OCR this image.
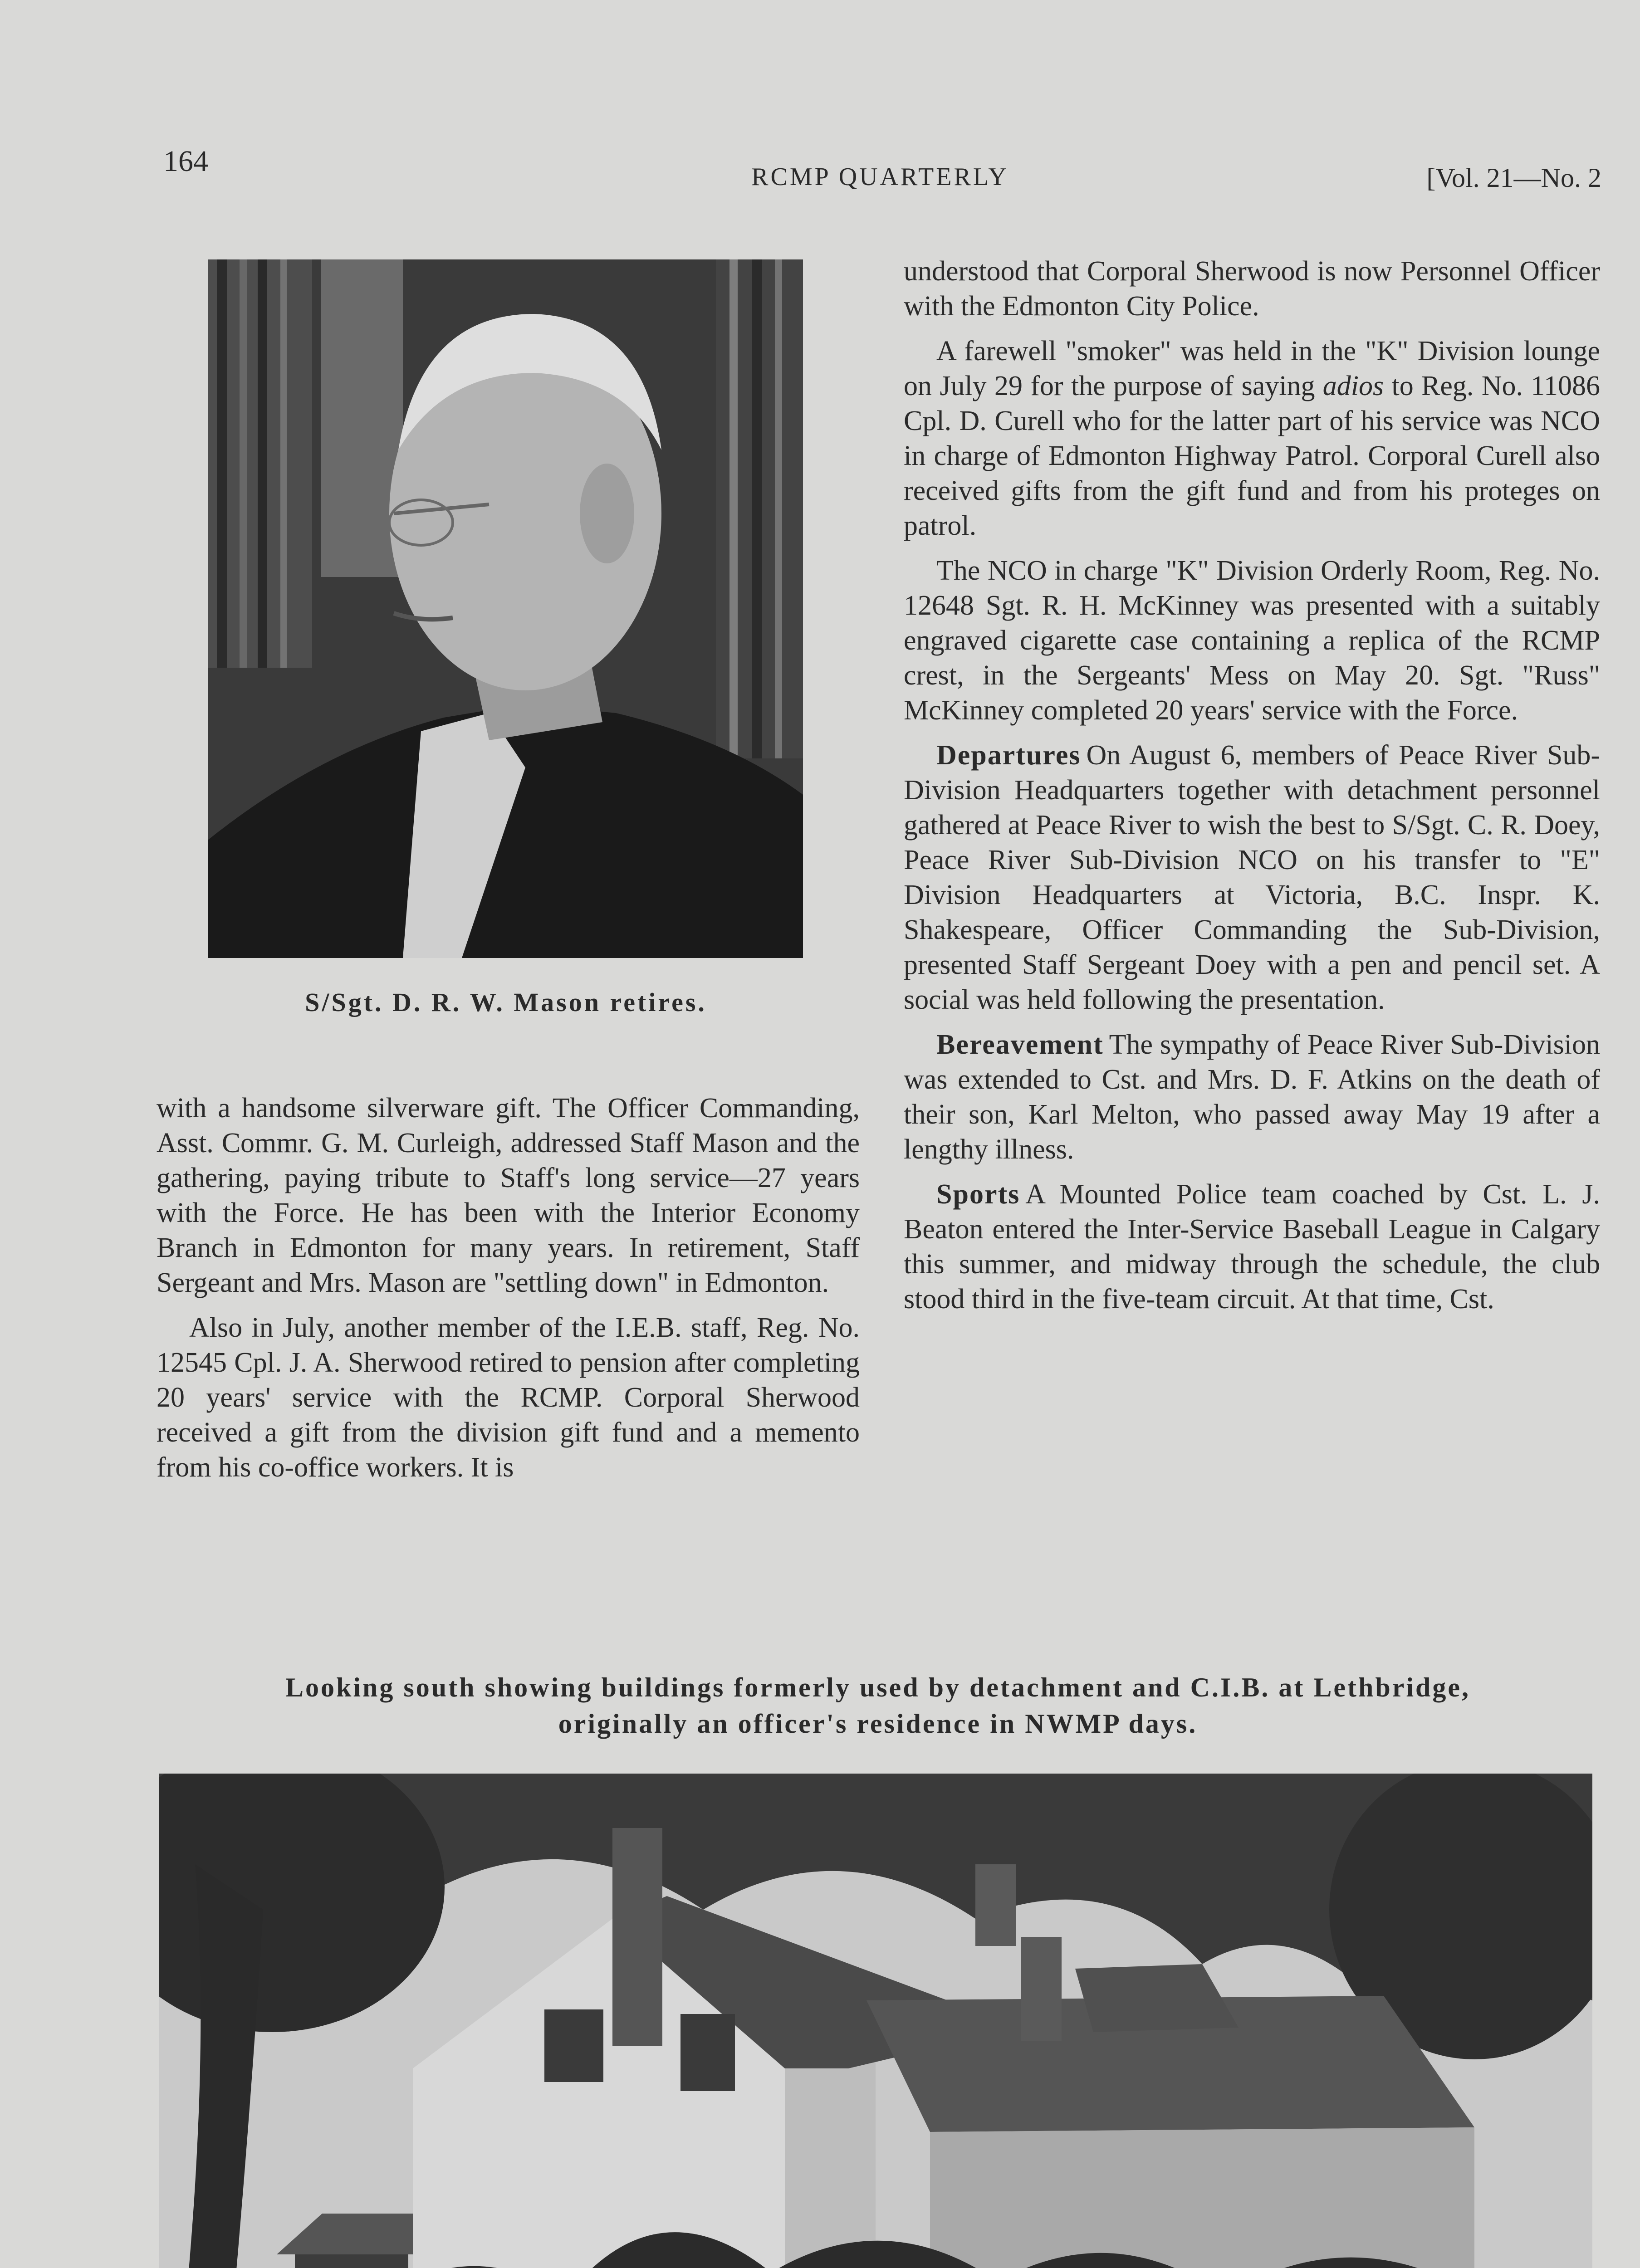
164	RCMP QUARTERLY	[Vol. 21—No. 2
S/Sgt. D. R. W. Mason retires.

with a handsome silverware gift. The Officer Commanding, Asst. Commr. G. M. Curleigh, addressed Staff Mason and the gathering, paying tribute to Staff's long service—27 years with the Force. He has been with the Interior Economy Branch in Edmonton for many years. In retirement, Staff Sergeant and Mrs. Mason are "settling down" in Edmonton.

Also in July, another member of the I.E.B. staff, Reg. No. 12545 Cpl. J. A. Sherwood retired to pension after completing 20 years' service with the RCMP. Corporal Sherwood received a gift from the division gift fund and a memento from his co-office workers. It is

understood that Corporal Sherwood is now Personnel Officer with the Edmonton City Police.

A farewell "smoker" was held in the "K" Division lounge on July 29 for the purpose of saying adios to Reg. No. 11086 Cpl. D. Curell who for the latter part of his service was NCO in charge of Edmonton Highway Patrol. Corporal Curell also received gifts from the gift fund and from his proteges on patrol.

The NCO in charge "K" Division Orderly Room, Reg. No. 12648 Sgt. R. H. McKinney was presented with a suitably engraved cigarette case containing a replica of the RCMP crest, in the Sergeants' Mess on May 20. Sgt. "Russ" McKinney completed 20 years' service with the Force.

Departures On August 6, members of Peace River Sub-Division Headquarters together with detachment personnel gathered at Peace River to wish the best to S/Sgt. C. R. Doey, Peace River Sub-Division NCO on his transfer to "E" Division Headquarters at Victoria, B.C. Inspr. K. Shakespeare, Officer Commanding the Sub-Division, presented Staff Sergeant Doey with a pen and pencil set. A social was held following the presentation.

Bereavement The sympathy of Peace River Sub-Division was extended to Cst. and Mrs. D. F. Atkins on the death of their son, Karl Melton, who passed away May 19 after a lengthy illness.

Sports A Mounted Police team coached by Cst. L. J. Beaton entered the Inter-Service Baseball League in Calgary this summer, and midway through the schedule, the club stood third in the five-team circuit. At that time, Cst.

Looking south showing buildings formerly used by detachment and C.I.B. at Lethbridge,
originally an officer's residence in NWMP days.
